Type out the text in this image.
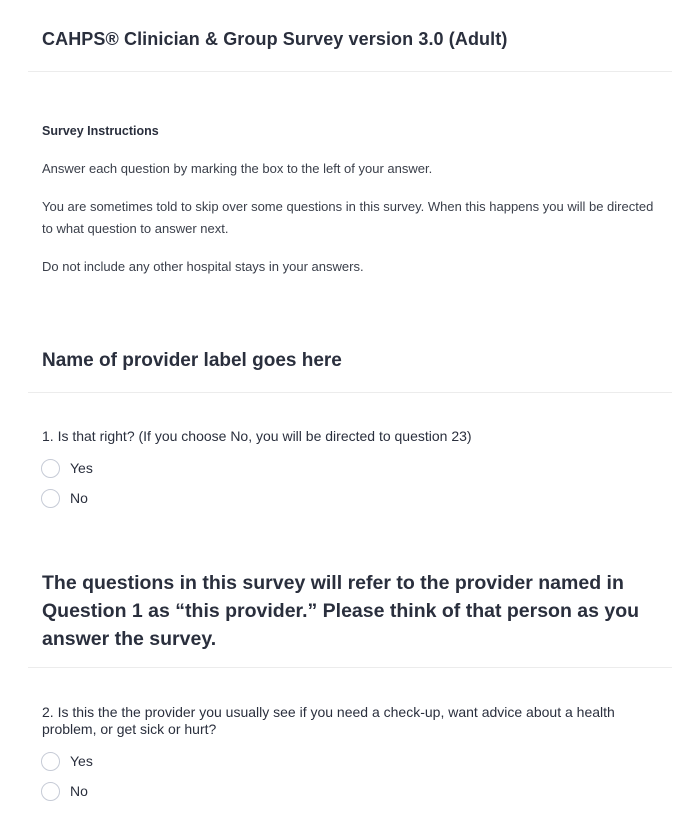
CAHPS® Clinician & Group Survey version 3.0 (Adult)
Survey Instructions
Answer each question by marking the box to the left of your answer.
You are sometimes told to skip over some questions in this survey. When this happens you will be directed to what question to answer next.
Do not include any other hospital stays in your answers.
Name of provider label goes here
1. Is that right? (If you choose No, you will be directed to question 23)
Yes
No
The questions in this survey will refer to the provider named in Question 1 as “this provider.” Please think of that person as you answer the survey.
2. Is this the the provider you usually see if you need a check-up, want advice about a health problem, or get sick or hurt?
Yes
No
